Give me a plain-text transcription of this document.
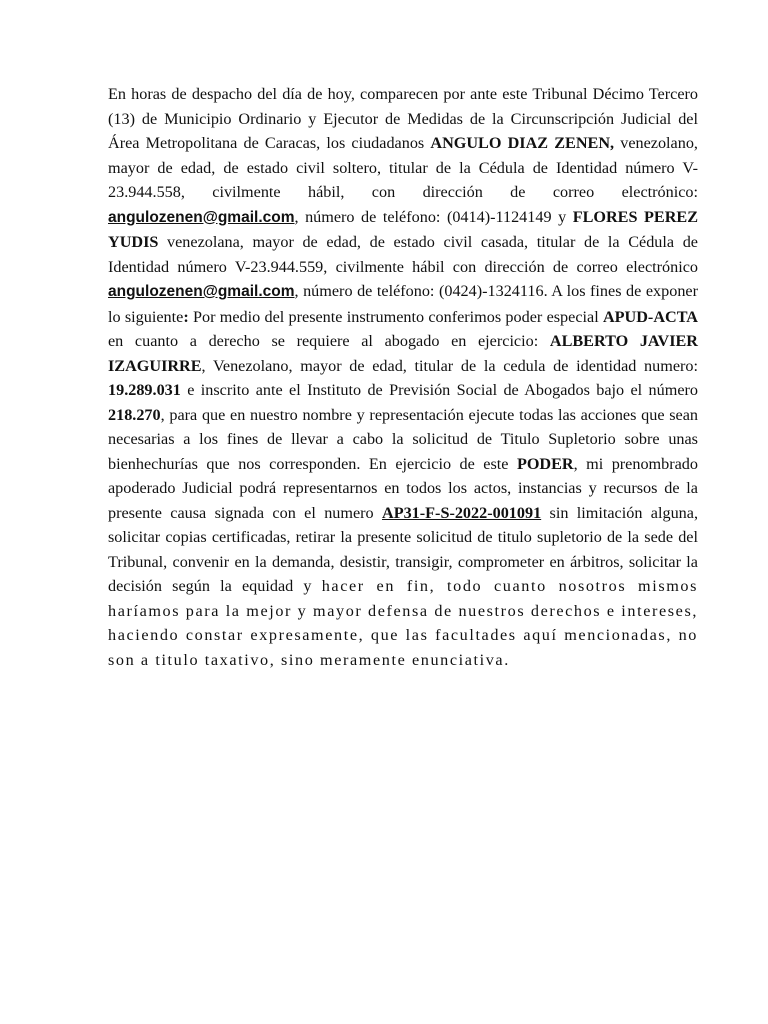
En horas de despacho del día de hoy, comparecen por ante este Tribunal Décimo Tercero (13) de Municipio Ordinario y Ejecutor de Medidas de la Circunscripción Judicial del Área Metropolitana de Caracas, los ciudadanos ANGULO DIAZ ZENEN, venezolano, mayor de edad, de estado civil soltero, titular de la Cédula de Identidad número V-23.944.558, civilmente hábil, con dirección de correo electrónico: angulozenen@gmail.com, número de teléfono: (0414)-1124149 y FLORES PEREZ YUDIS venezolana, mayor de edad, de estado civil casada, titular de la Cédula de Identidad número V-23.944.559, civilmente hábil con dirección de correo electrónico angulozenen@gmail.com, número de teléfono: (0424)-1324116. A los fines de exponer lo siguiente: Por medio del presente instrumento conferimos poder especial APUD-ACTA en cuanto a derecho se requiere al abogado en ejercicio: ALBERTO JAVIER IZAGUIRRE, Venezolano, mayor de edad, titular de la cedula de identidad numero: 19.289.031 e inscrito ante el Instituto de Previsión Social de Abogados bajo el número 218.270, para que en nuestro nombre y representación ejecute todas las acciones que sean necesarias a los fines de llevar a cabo la solicitud de Titulo Supletorio sobre unas bienhechurías que nos corresponden. En ejercicio de este PODER, mi prenombrado apoderado Judicial podrá representarnos en todos los actos, instancias y recursos de la presente causa signada con el numero AP31-F-S-2022-001091 sin limitación alguna, solicitar copias certificadas, retirar la presente solicitud de titulo supletorio de la sede del Tribunal, convenir en la demanda, desistir, transigir, comprometer en árbitros, solicitar la decisión según la equidad y hacer en fin, todo cuanto nosotros mismos haríamos para la mejor y mayor defensa de nuestros derechos e intereses, haciendo constar expresamente, que las facultades aquí mencionadas, no son a titulo taxativo, sino meramente enunciativa.
